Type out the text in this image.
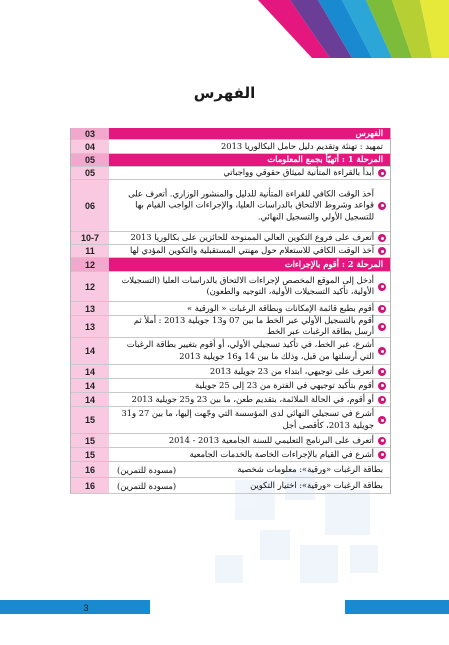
الفهرس
الفهرس
03
تمهيد : تهنئة وتقديم دليل حامل البكالوريا 2013
04
المرحلة 1 : أتهيّأ بجمع المعلومات
05
أبدأ بالقراءة المتأنية لميثاق حقوقي وواجباتي
05
آخذ الوقت الكافي للقراءة المتأنية للدليل والمنشور الوزاري. أتعرف على قواعد وشروط الالتحاق بالدراسات العليا، والإجراءات الواجب القيام بها للتسجيل الأولي والتسجيل النهائي.
06
أتعرف على فروع التكوين العالي الممنوحة للحائزين على بكالوريا 2013
10-7
آخذ الوقت الكافي للاستعلام حول مهنتي المستقبلية والتكوين المؤدي لها
11
المرحلة 2 : أقوم بالإجراءات
12
أدخل إلى الموقع المخصص لإجراءات الالتحاق بالدراسات العليا (التسجيلات الأولية، تأكيد التسجيلات الأولية، التوجيه والطعون)
12
أقوم بطبع قائمة الإمكانات وبطاقة الرغبات « الورقية »
13
أقوم بالتسجيل الأولي عبر الخط ما بين 07 و13 جويلية 2013 : أملأ ثم أرسل بطاقة الرغبات عبر الخط
13
أشرع، عبر الخط، في تأكيد تسجيلي الأولي، أو أقوم بتغيير بطاقة الرغبات التي أرسلتها من قبل، وذلك ما بين 14 و16 جويلية 2013
14
أتعرف على توجيهي، ابتداء من 23 جويلية 2013
14
أقوم بتأكيد توجيهي في الفترة من 23 إلى 25 جويلية
14
أو أقوم، في الحالة الملائمة، بتقديم طعن، ما بين 23 و25 جويلية 2013
14
أشرع في تسجيلي النهائي لدى المؤسسة التي وجّهت إليها، ما بين 27 و31 جويلية 2013، كأقصى أجل
15
أتعرف على البرنامج التعليمي للسنة الجامعية 2013 - 2014
15
أشرع في القيام بالإجراءات الخاصة بالخدمات الجامعية
15
بطاقة الرغبات «ورقية»: معلومات شخصية
(مسودة للتمرين)
16
بطاقة الرغبات «ورقية»: اختيار التكوين
(مسودة للتمرين)
16
3
